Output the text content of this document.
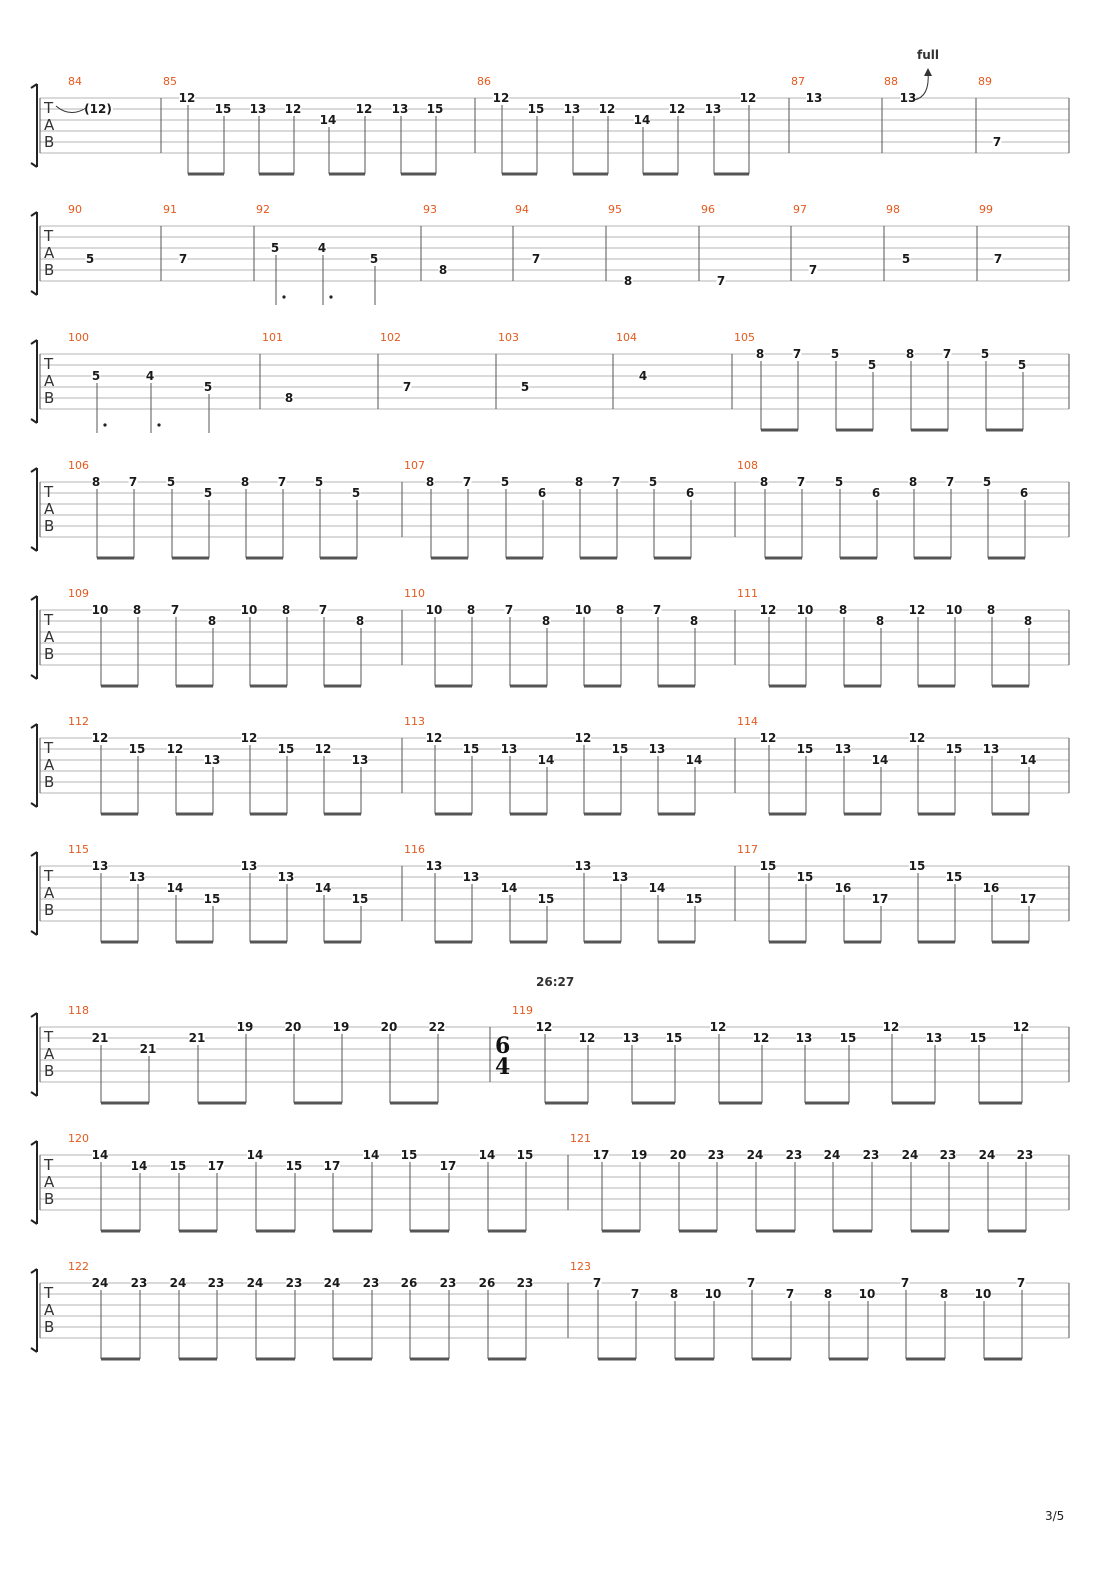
T
A
B
84	85	86	87	88	89
(12)
12
15 13 12
14
12 13 15
12
15 13 12
14
12 13
12	13	13
7
T
A
B
90	91	92	93	94	95	96	97	98	99
5	7
5	4
5
8
7
8	7
7
5	7
T
A
B
100	101	102	103	104	105
5	4
5
8
7	5
4
8 7 5
5
8 7 5
5
T
A
B
106	107	108
8 7 5
5
8 7 5
5
8 7 5
6
8 7 5
6
8 7 5
6
8 7 5
6
T
A
B
109	110	111
10 8 7
8
10 8 7
8
10 8 7
8
10 8 7
8
12 10 8
8
12 10 8
8
T
A
B
112	113	114
12
15 12
13
12
15 12
13
12
15 13
14
12
15 13
14
12
15 13
14
12
15 13
14
T
A
B
115	116	117
13
13
14
15
13
13
14
15
13
13
14
15
13
13
14
15
15
15
16
17
15
15
16
17
T
A
B
118	119
21
21
21
19	20	19	20	22	12
12 13 15
12
12 13 15
12
13 15
12
T
A
B
120	121
14
14 15 17
14
15 17
14 15
17
14 15	17 19 20 23 24 23 24 23 24 23 24 23
T
A
B
122	123
24 23 24 23 24 23 24 23 26 23 26 23	7
7	8 10
7
7 8 10
7
8 10
7
full
26:27
6
4
3/5
